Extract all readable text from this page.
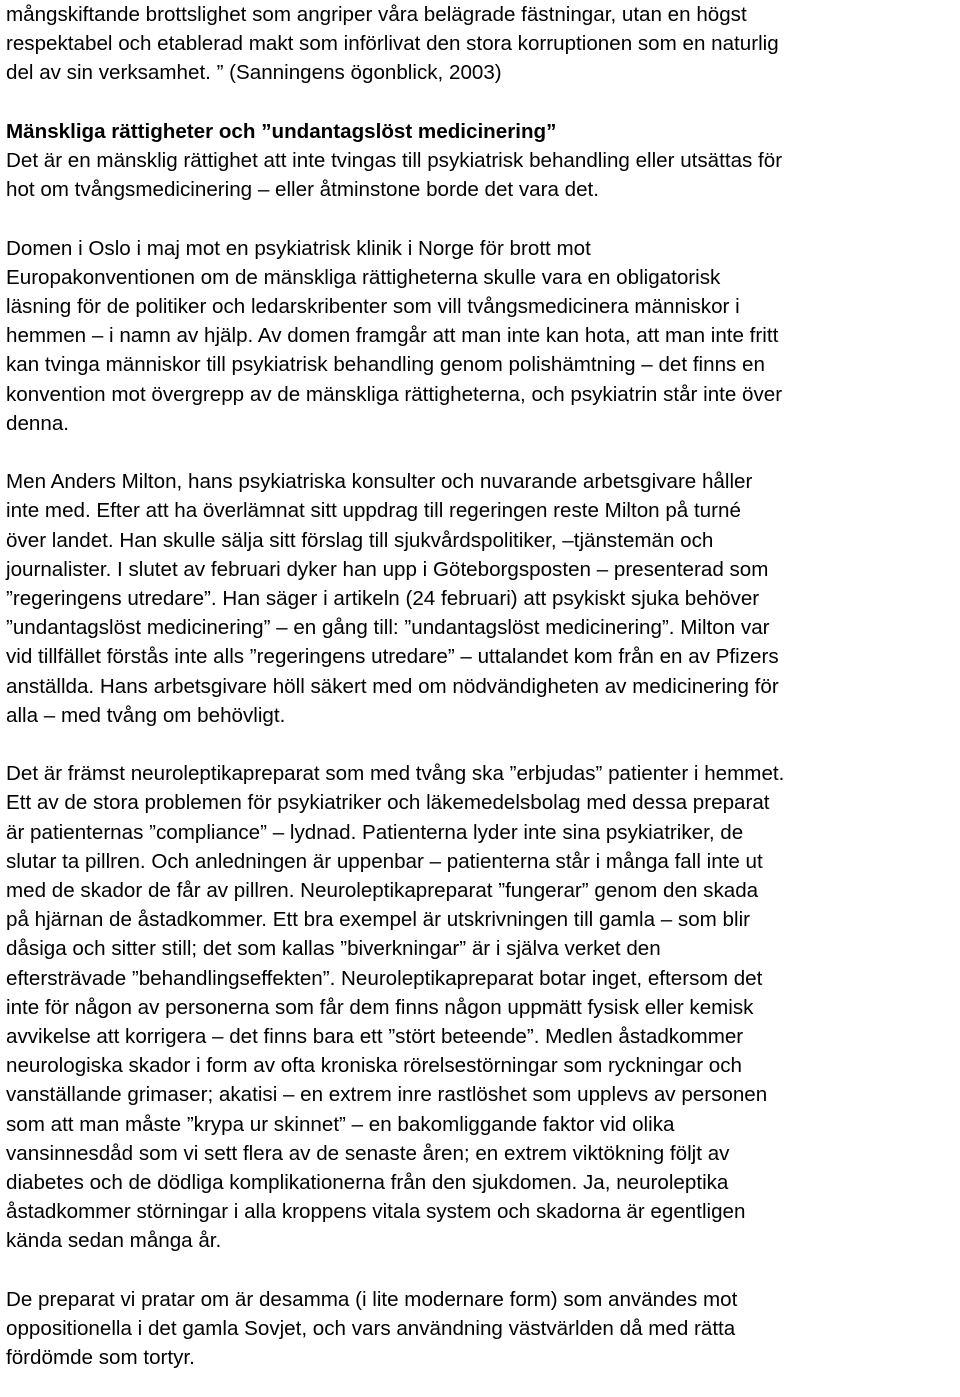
mångskiftande brottslighet som angriper våra belägrade fästningar, utan en högst
respektabel och etablerad makt som införlivat den stora korruptionen som en naturlig
del av sin verksamhet. ” (Sanningens ögonblick, 2003)
Mänskliga rättigheter och ”undantagslöst medicinering”
Det är en mänsklig rättighet att inte tvingas till psykiatrisk behandling eller utsättas för
hot om tvångsmedicinering – eller åtminstone borde det vara det.
Domen i Oslo i maj mot en psykiatrisk klinik i Norge för brott mot
Europakonventionen om de mänskliga rättigheterna skulle vara en obligatorisk
läsning för de politiker och ledarskribenter som vill tvångsmedicinera människor i
hemmen – i namn av hjälp. Av domen framgår att man inte kan hota, att man inte fritt
kan tvinga människor till psykiatrisk behandling genom polishämtning – det finns en
konvention mot övergrepp av de mänskliga rättigheterna, och psykiatrin står inte över
denna.
Men Anders Milton, hans psykiatriska konsulter och nuvarande arbetsgivare håller
inte med. Efter att ha överlämnat sitt uppdrag till regeringen reste Milton på turné
över landet. Han skulle sälja sitt förslag till sjukvårdspolitiker, –tjänstemän och
journalister. I slutet av februari dyker han upp i Göteborgsposten – presenterad som
”regeringens utredare”. Han säger i artikeln (24 februari) att psykiskt sjuka behöver
”undantagslöst medicinering” – en gång till: ”undantagslöst medicinering”. Milton var
vid tillfället förstås inte alls ”regeringens utredare” – uttalandet kom från en av Pfizers
anställda. Hans arbetsgivare höll säkert med om nödvändigheten av medicinering för
alla – med tvång om behövligt.
Det är främst neuroleptikapreparat som med tvång ska ”erbjudas” patienter i hemmet.
Ett av de stora problemen för psykiatriker och läkemedelsbolag med dessa preparat
är patienternas ”compliance” – lydnad. Patienterna lyder inte sina psykiatriker, de
slutar ta pillren. Och anledningen är uppenbar – patienterna står i många fall inte ut
med de skador de får av pillren. Neuroleptikapreparat ”fungerar” genom den skada
på hjärnan de åstadkommer. Ett bra exempel är utskrivningen till gamla – som blir
dåsiga och sitter still; det som kallas ”biverkningar” är i själva verket den
eftersträvade ”behandlingseffekten”. Neuroleptikapreparat botar inget, eftersom det
inte för någon av personerna som får dem finns någon uppmätt fysisk eller kemisk
avvikelse att korrigera – det finns bara ett ”stört beteende”. Medlen åstadkommer
neurologiska skador i form av ofta kroniska rörelsestörningar som ryckningar och
vanställande grimaser; akatisi – en extrem inre rastlöshet som upplevs av personen
som att man måste ”krypa ur skinnet” – en bakomliggande faktor vid olika
vansinnesdåd som vi sett flera av de senaste åren; en extrem viktökning följt av
diabetes och de dödliga komplikationerna från den sjukdomen. Ja, neuroleptika
åstadkommer störningar i alla kroppens vitala system och skadorna är egentligen
kända sedan många år.
De preparat vi pratar om är desamma (i lite modernare form) som användes mot
oppositionella i det gamla Sovjet, och vars användning västvärlden då med rätta
fördömde som tortyr.
